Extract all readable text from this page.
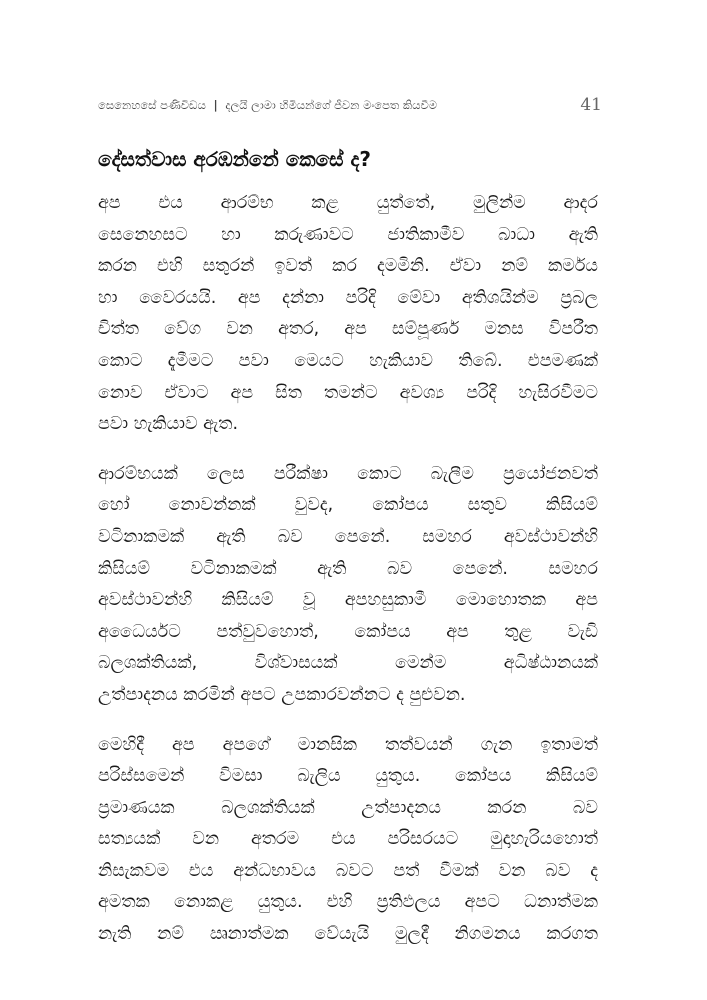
සෙනෙහසේ පණිවිඩය | දලයි ලාමා හිමියන්ගේ ජීවන මංපෙත කියවීම	41
දේසත්වාස අරඹන්නේ කෙසේ ද?

අප එය ආරම්භ කළ යුත්තේ, මුලින්ම ආදර
සෙනෙහසට හා කරුණාවට ජාතිකාමීව බාධා ඇති
කරන එහි සතුරන් ඉවත් කර දමමිනි. ඒවා නම් කර්මය
හා වෛරයයි. අප දන්නා පරිදි මේවා අතිශයින්ම ප්‍රබල
චිත්ත වේග වන අතර, අප සම්පූර්ණ මනස විපරීත
කොට දැමීමට පවා මෙයට හැකියාව තිබේ. එපමණක්
නොව ඒවාට අප සිත තමන්ට අවශ්‍ය පරිදි හැසිරවීමට
පවා හැකියාව ඇත.

ආරම්භයක් ලෙස පරීක්ෂා කොට බැලීම ප්‍රයෝජනවත්
හෝ නොවන්නක් වුවද, කෝපය සතුව කිසියම්
වටිනාකමක් ඇති බව පෙනේ. සමහර අවස්ථාවන්හි
කිසියම් වටිනාකමක් ඇති බව පෙනේ. සමහර
අවස්ථාවන්හි කිසියම් වූ අපහසුකාමී මොහොතක අප
අධෛර්යට පත්වුවහොත්, කෝපය අප තුළ වැඩි
බලශක්තියක්, විශ්වාසයක් මෙන්ම අධිෂ්ඨානයක්
උත්පාදනය කරමින් අපට උපකාරවන්නට ද පුළුවන.

මෙහිදී අප අපගේ මානසික තත්වයන් ගැන ඉතාමත්
පරිස්සමෙන් විමසා බැලිය යුතුය. කෝපය කිසියම්
ප්‍රමාණයක බලශක්තියක් උත්පාදනය කරන බව
සත්‍යයක් වන අතරම එය පරිසරයට මුදාහැරියහොත්
නිසැකවම එය අන්ධභාවය බවට පත් වීමක් වන බව ද
අමතක නොකළ යුතුය. එහි ප්‍රතිඵලය අපට ධනාත්මක
නැති නම් ඍනාත්මක වේයැයි මුලදී නිගමනය කරගත
